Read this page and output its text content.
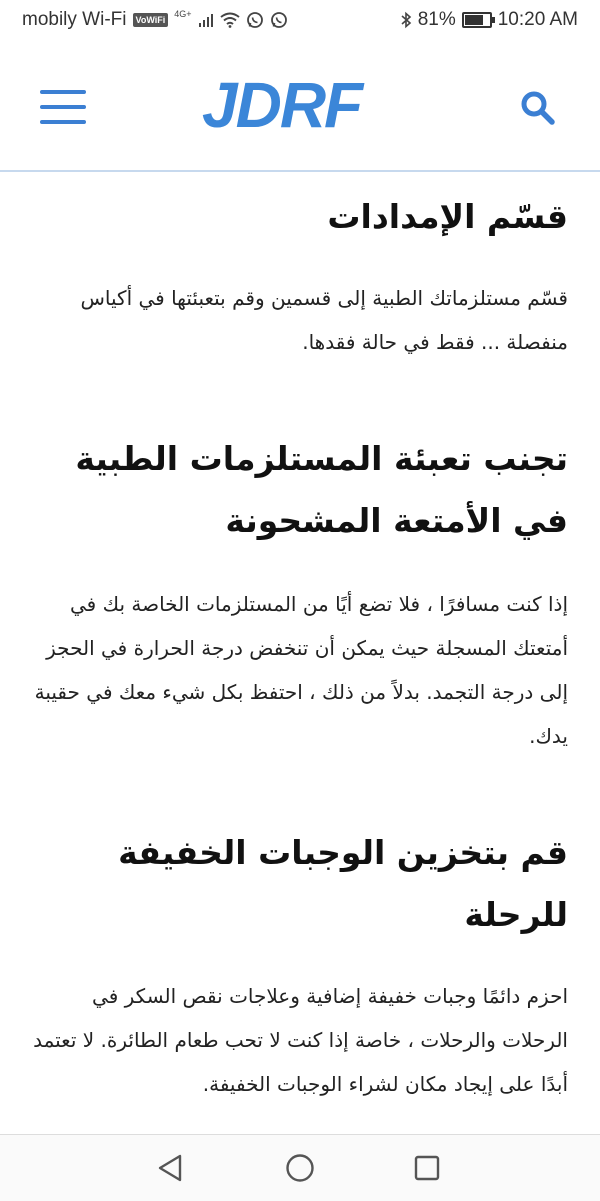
mobily Wi-Fi	VoWiFi
4G+	81% 10:20 AM
JDRF
قسّم الإمدادات

قسّم مستلزماتك الطبية إلى قسمين وقم بتعبئتها في أكياس منفصلة ... فقط في حالة فقدها.

تجنب تعبئة المستلزمات الطبية في الأمتعة المشحونة

إذا كنت مسافرًا ، فلا تضع أيًا من المستلزمات الخاصة بك في أمتعتك المسجلة حيث يمكن أن تنخفض درجة الحرارة في الحجز إلى درجة التجمد. بدلاً من ذلك ، احتفظ بكل شيء معك في حقيبة يدك.

قم بتخزين الوجبات الخفيفة للرحلة

احزم دائمًا وجبات خفيفة إضافية وعلاجات نقص السكر في الرحلات والرحلات ، خاصة إذا كنت لا تحب طعام الطائرة. لا تعتمد أبدًا على إيجاد مكان لشراء الوجبات الخفيفة.
